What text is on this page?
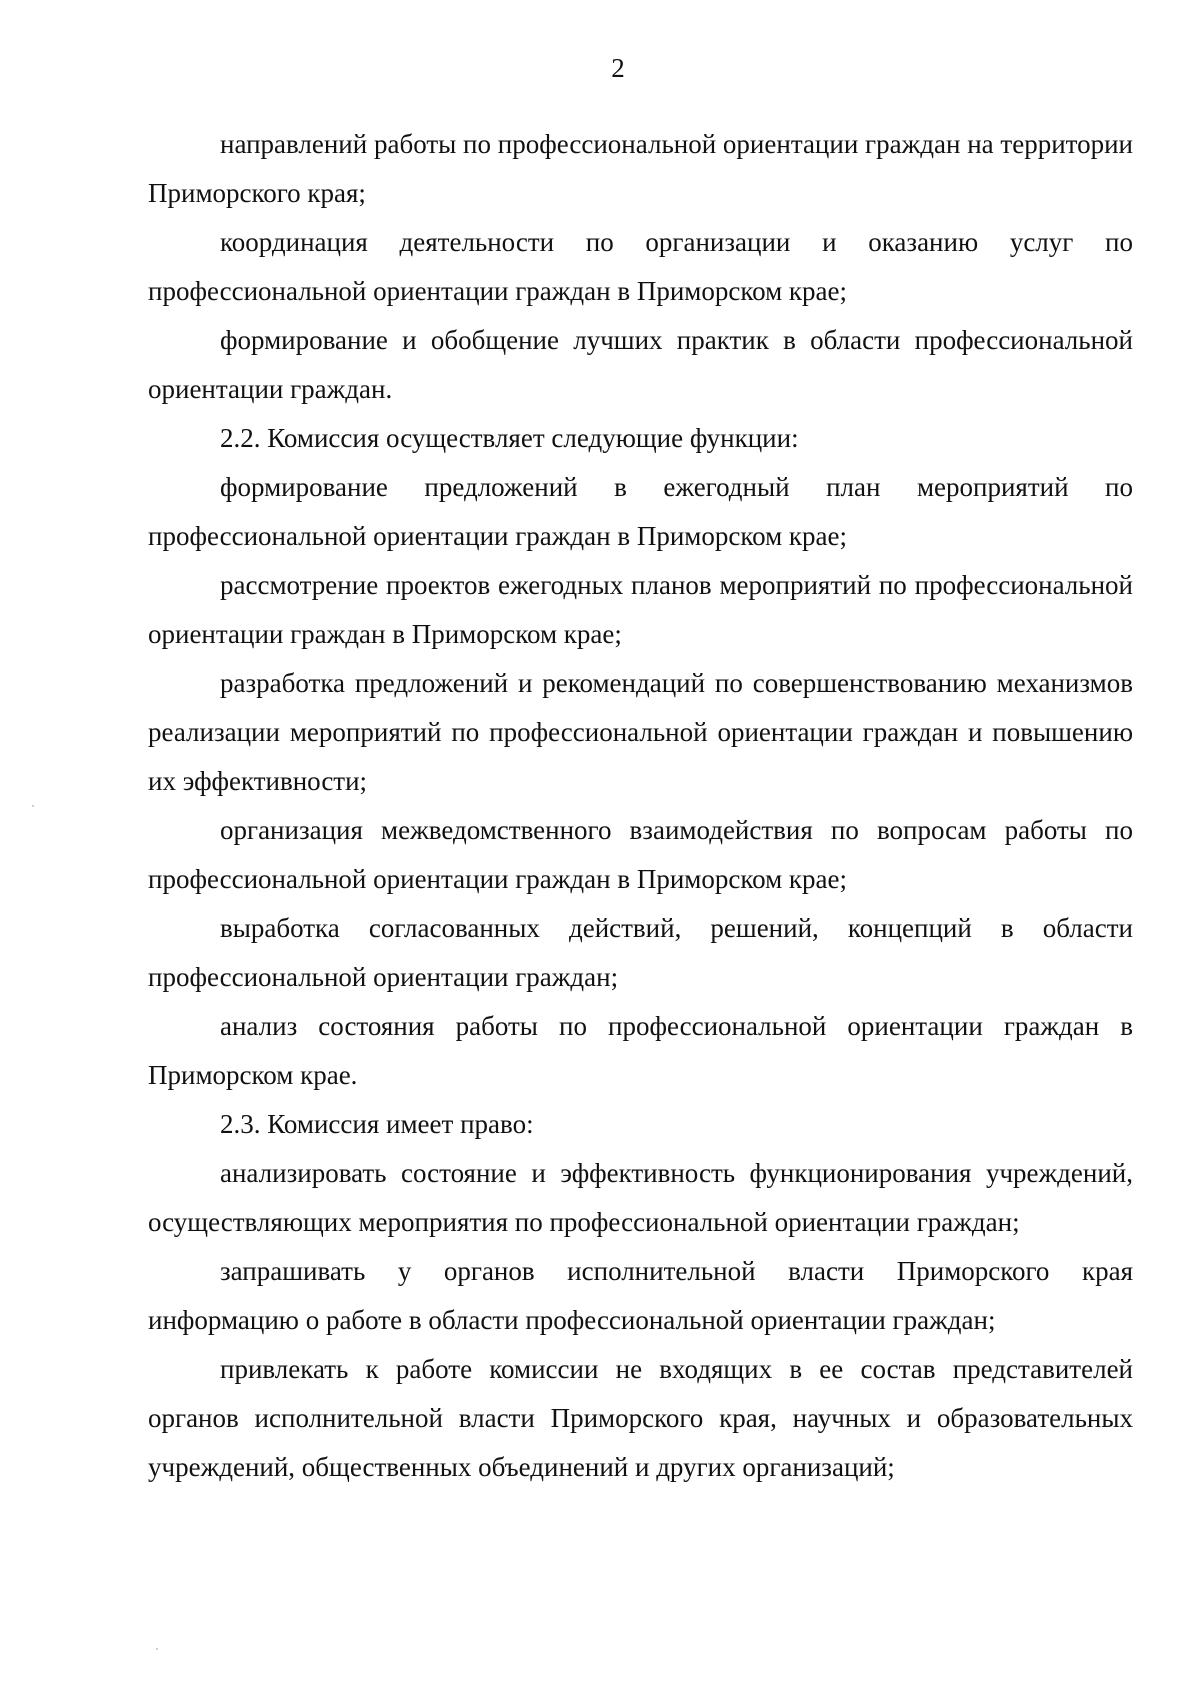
2

направлений работы по профессиональной ориентации граждан на территории Приморского края;

координация деятельности по организации и оказанию услуг по профессиональной ориентации граждан в Приморском крае;

формирование и обобщение лучших практик в области профессиональной ориентации граждан.

2.2. Комиссия осуществляет следующие функции:

формирование предложений в ежегодный план мероприятий по профессиональной ориентации граждан в Приморском крае;

рассмотрение проектов ежегодных планов мероприятий по профессиональной ориентации граждан в Приморском крае;

разработка предложений и рекомендаций по совершенствованию механизмов реализации мероприятий по профессиональной ориентации граждан и повышению их эффективности;

организация межведомственного взаимодействия по вопросам работы по профессиональной ориентации граждан в Приморском крае;

выработка согласованных действий, решений, концепций в области профессиональной ориентации граждан;

анализ состояния работы по профессиональной ориентации граждан в Приморском крае.

2.3. Комиссия имеет право:

анализировать состояние и эффективность функционирования учреждений, осуществляющих мероприятия по профессиональной ориентации граждан;

запрашивать у органов исполнительной власти Приморского края информацию о работе в области профессиональной ориентации граждан;

привлекать к работе комиссии не входящих в ее состав представителей органов исполнительной власти Приморского края, научных и образовательных учреждений, общественных объединений и других организаций;
